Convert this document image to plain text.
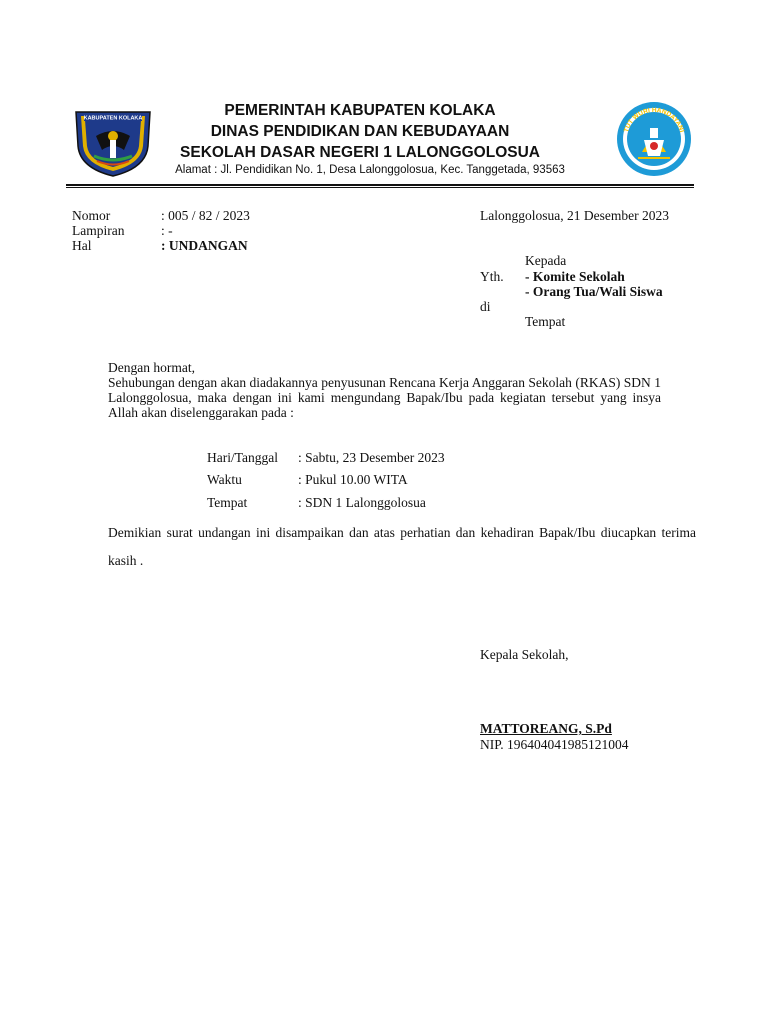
KABUPATEN KOLAKA
TUT WURI HANDAYANI
PEMERINTAH KABUPATEN KOLAKA
DINAS PENDIDIKAN DAN KEBUDAYAAN
SEKOLAH DASAR NEGERI 1 LALONGGOLOSUA
Alamat : Jl. Pendidikan No. 1, Desa Lalonggolosua, Kec. Tanggetada, 93563
Nomor	: 005 / 82 / 2023
Lampiran	: -
Hal	: UNDANGAN
Lalonggolosua, 21 Desember 2023
Kepada
Yth. - Komite Sekolah
- Orang Tua/Wali Siswa
di
Tempat
Dengan hormat,
Sehubungan dengan akan diadakannya penyusunan Rencana Kerja Anggaran Sekolah (RKAS) SDN 1 Lalonggolosua, maka dengan ini kami mengundang Bapak/Ibu pada kegiatan tersebut yang insya Allah akan diselenggarakan pada :
Hari/Tanggal : Sabtu, 23 Desember 2023
Waktu	: Pukul 10.00 WITA
Tempat	: SDN 1 Lalonggolosua
Demikian surat undangan ini disampaikan dan atas perhatian dan kehadiran Bapak/Ibu diucapkan terima kasih .
Kepala Sekolah,
MATTOREANG, S.Pd
NIP. 196404041985121004
